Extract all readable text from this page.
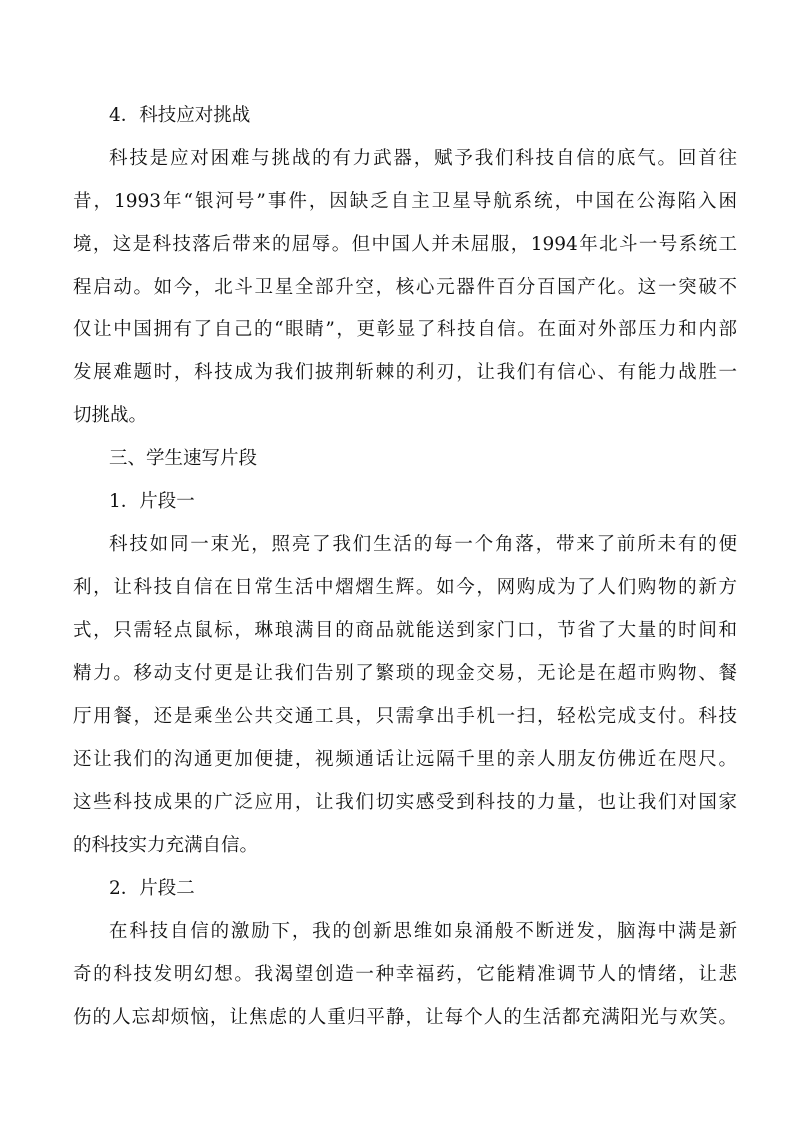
4．科技应对挑战
科技是应对困难与挑战的有力武器，赋予我们科技自信的底气。回首往
昔，1993年“银河号”事件，因缺乏自主卫星导航系统，中国在公海陷入困
境，这是科技落后带来的屈辱。但中国人并未屈服，1994年北斗一号系统工
程启动。如今，北斗卫星全部升空，核心元器件百分百国产化。这一突破不
仅让中国拥有了自己的“眼睛”，更彰显了科技自信。在面对外部压力和内部
发展难题时，科技成为我们披荆斩棘的利刃，让我们有信心、有能力战胜一
切挑战。
三、学生速写片段
1．片段一
科技如同一束光，照亮了我们生活的每一个角落，带来了前所未有的便
利，让科技自信在日常生活中熠熠生辉。如今，网购成为了人们购物的新方
式，只需轻点鼠标，琳琅满目的商品就能送到家门口，节省了大量的时间和
精力。移动支付更是让我们告别了繁琐的现金交易，无论是在超市购物、餐
厅用餐，还是乘坐公共交通工具，只需拿出手机一扫，轻松完成支付。科技
还让我们的沟通更加便捷，视频通话让远隔千里的亲人朋友仿佛近在咫尺。
这些科技成果的广泛应用，让我们切实感受到科技的力量，也让我们对国家
的科技实力充满自信。
2．片段二
在科技自信的激励下，我的创新思维如泉涌般不断迸发，脑海中满是新
奇的科技发明幻想。我渴望创造一种幸福药，它能精准调节人的情绪，让悲
伤的人忘却烦恼，让焦虑的人重归平静，让每个人的生活都充满阳光与欢笑。
